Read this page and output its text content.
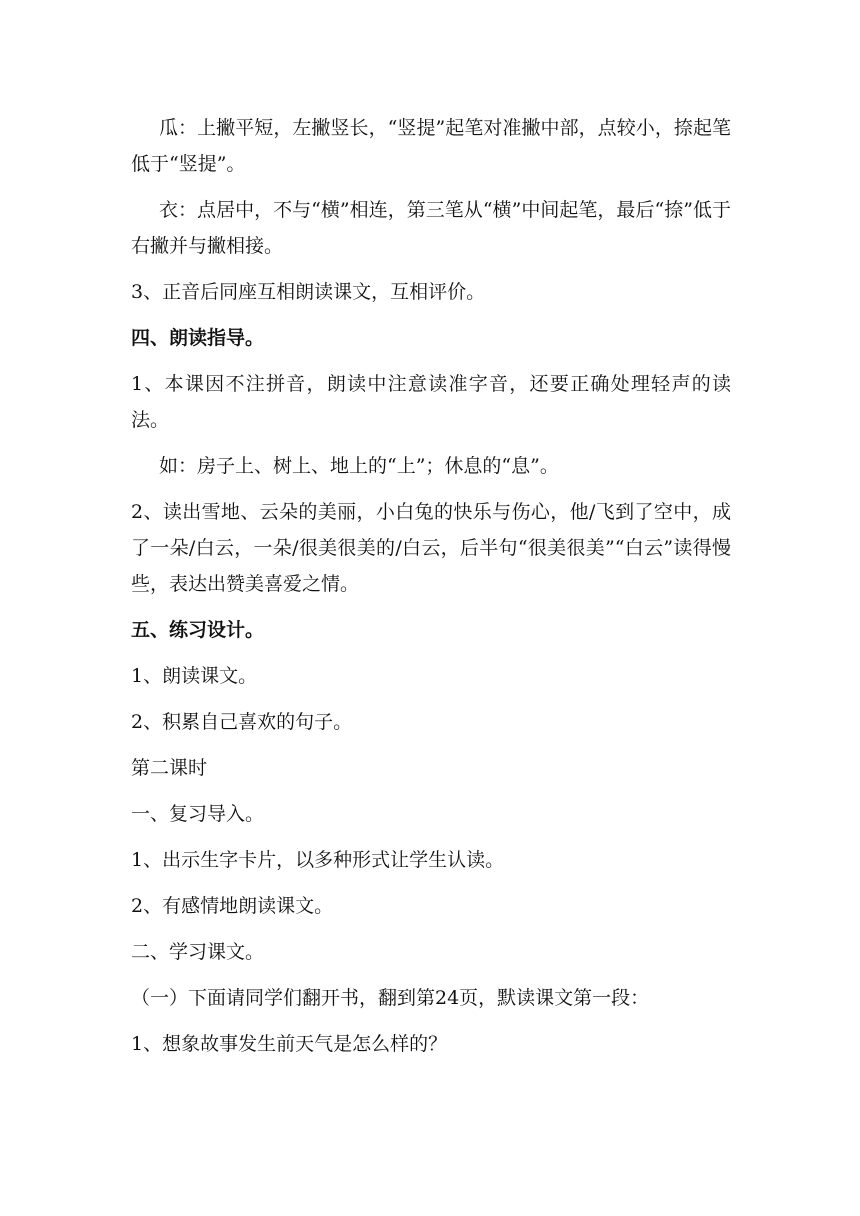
瓜：上撇平短，左撇竖长，“竖提”起笔对准撇中部，点较小，捺起笔低于“竖提”。

衣：点居中，不与“横”相连，第三笔从“横”中间起笔，最后“捺”低于右撇并与撇相接。

3、正音后同座互相朗读课文，互相评价。

四、朗读指导。

1、本课因不注拼音，朗读中注意读准字音，还要正确处理轻声的读法。

如：房子上、树上、地上的“上”；休息的“息”。

2、读出雪地、云朵的美丽，小白兔的快乐与伤心，他/飞到了空中，成了一朵/白云，一朵/很美很美的/白云，后半句“很美很美”“白云”读得慢些，表达出赞美喜爱之情。

五、练习设计。

1、朗读课文。

2、积累自己喜欢的句子。

第二课时

一、复习导入。

1、出示生字卡片，以多种形式让学生认读。

2、有感情地朗读课文。

二、学习课文。

（一）下面请同学们翻开书，翻到第24页，默读课文第一段：

1、想象故事发生前天气是怎么样的？
